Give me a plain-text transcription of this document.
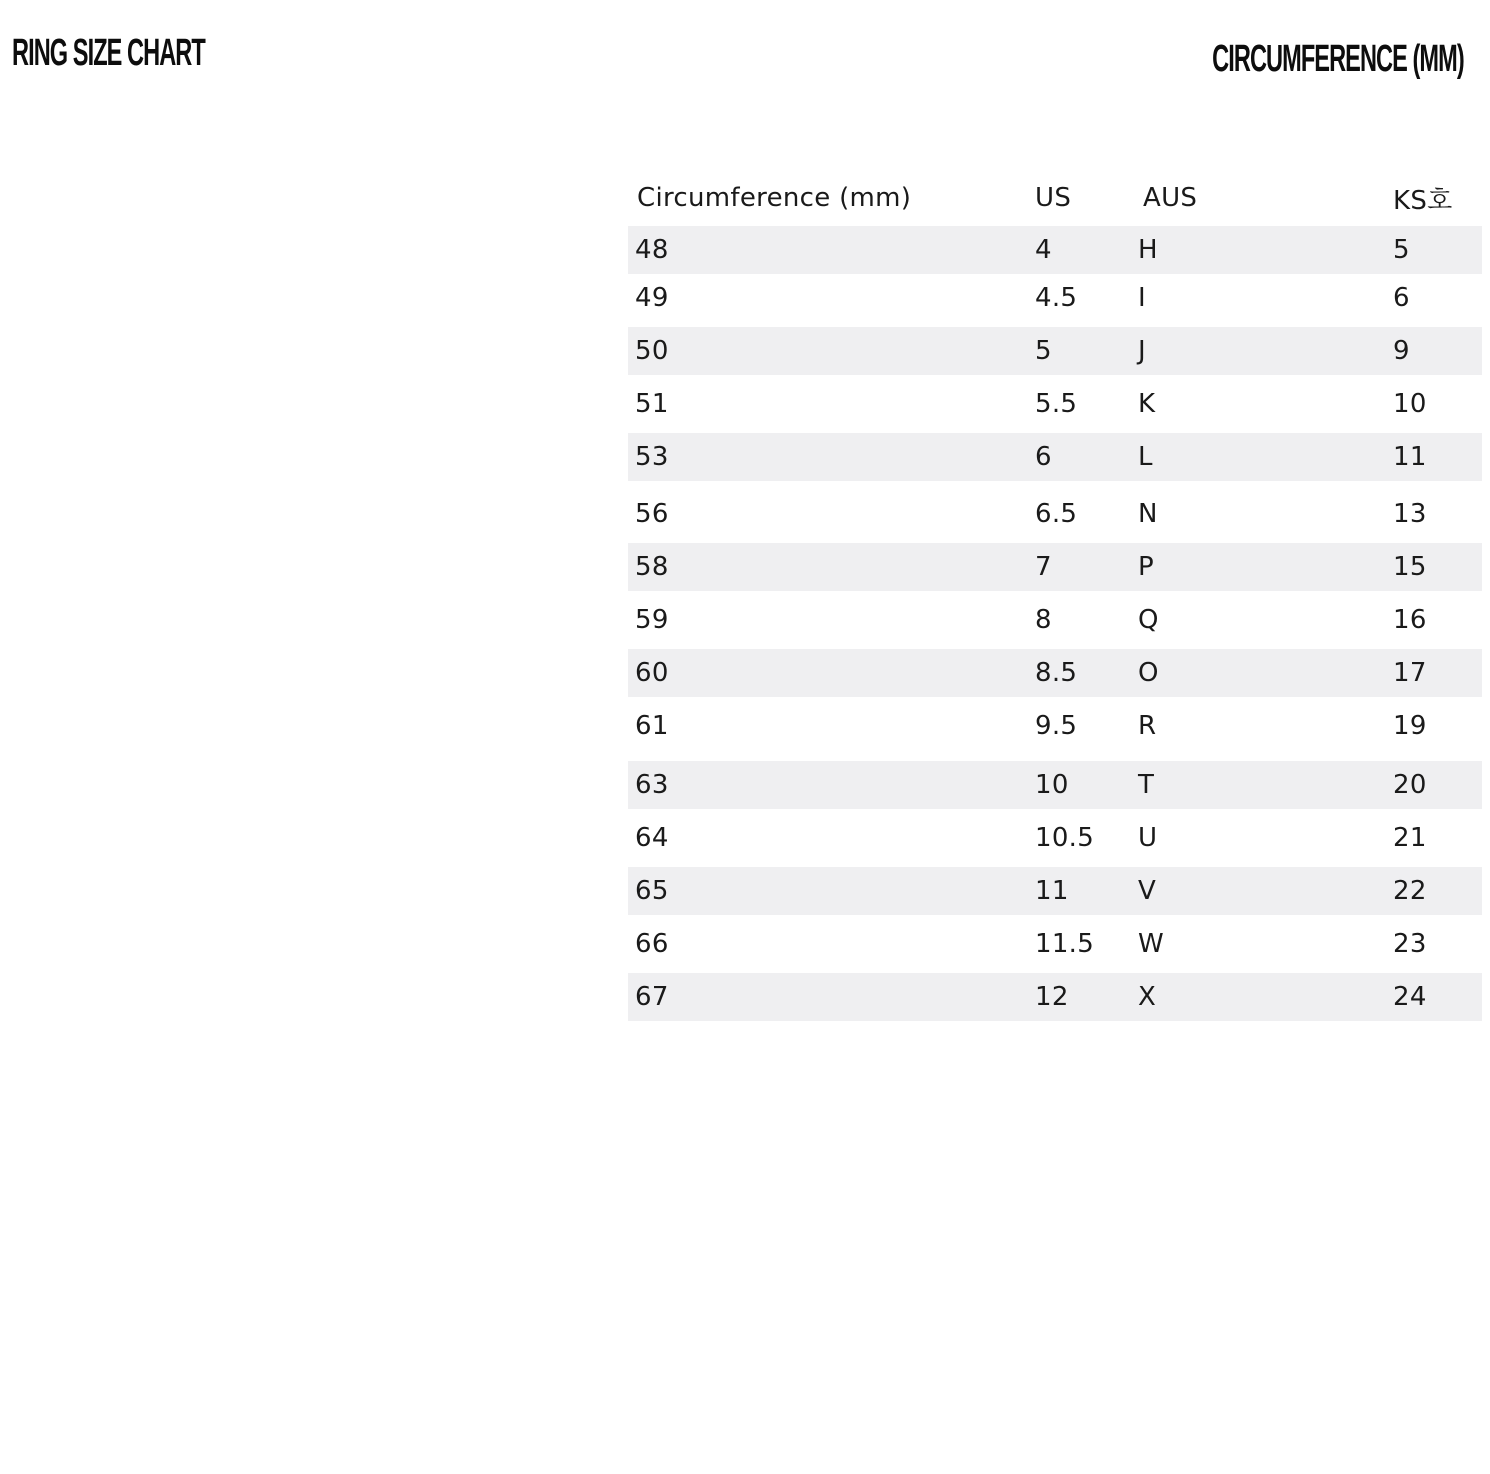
RING SIZE CHART	CIRCUMFERENCE (MM)
Circumference (mm)	US	AUS	KS호
48	4	H	5
49	4.5 I	6
50	5	J	9
51	5.5 K	10
53	6	L	11
56	6.5 N	13
58	7	P	15
59	8	Q	16
60	8.5 O	17
61	9.5 R	19
63	10	T	20
64	10.5 U	21
65	11	V	22
66	11.5 W	23
67	12	X	24
